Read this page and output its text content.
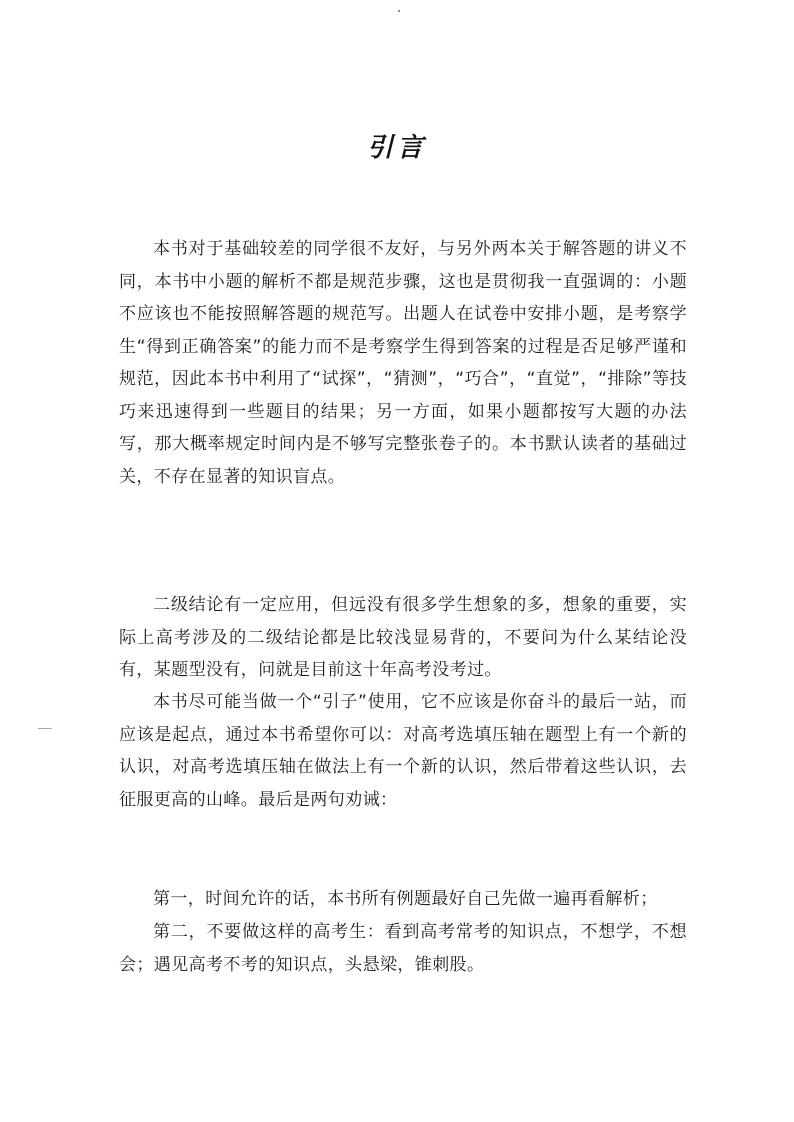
引言

本书对于基础较差的同学很不友好，与另外两本关于解答题的讲义不同，本书中小题的解析不都是规范步骤，这也是贯彻我一直强调的：小题不应该也不能按照解答题的规范写。出题人在试卷中安排小题，是考察学生“得到正确答案”的能力而不是考察学生得到答案的过程是否足够严谨和规范，因此本书中利用了“试探”，“猜测”，“巧合”，“直觉”，“排除”等技巧来迅速得到一些题目的结果；另一方面，如果小题都按写大题的办法写，那大概率规定时间内是不够写完整张卷子的。本书默认读者的基础过关，不存在显著的知识盲点。

二级结论有一定应用，但远没有很多学生想象的多，想象的重要，实际上高考涉及的二级结论都是比较浅显易背的，不要问为什么某结论没有，某题型没有，问就是目前这十年高考没考过。

本书尽可能当做一个“引子”使用，它不应该是你奋斗的最后一站，而应该是起点，通过本书希望你可以：对高考选填压轴在题型上有一个新的认识，对高考选填压轴在做法上有一个新的认识，然后带着这些认识，去征服更高的山峰。最后是两句劝诫：

第一，时间允许的话，本书所有例题最好自己先做一遍再看解析；

第二，不要做这样的高考生：看到高考常考的知识点，不想学，不想会；遇见高考不考的知识点，头悬梁，锥刺股。
